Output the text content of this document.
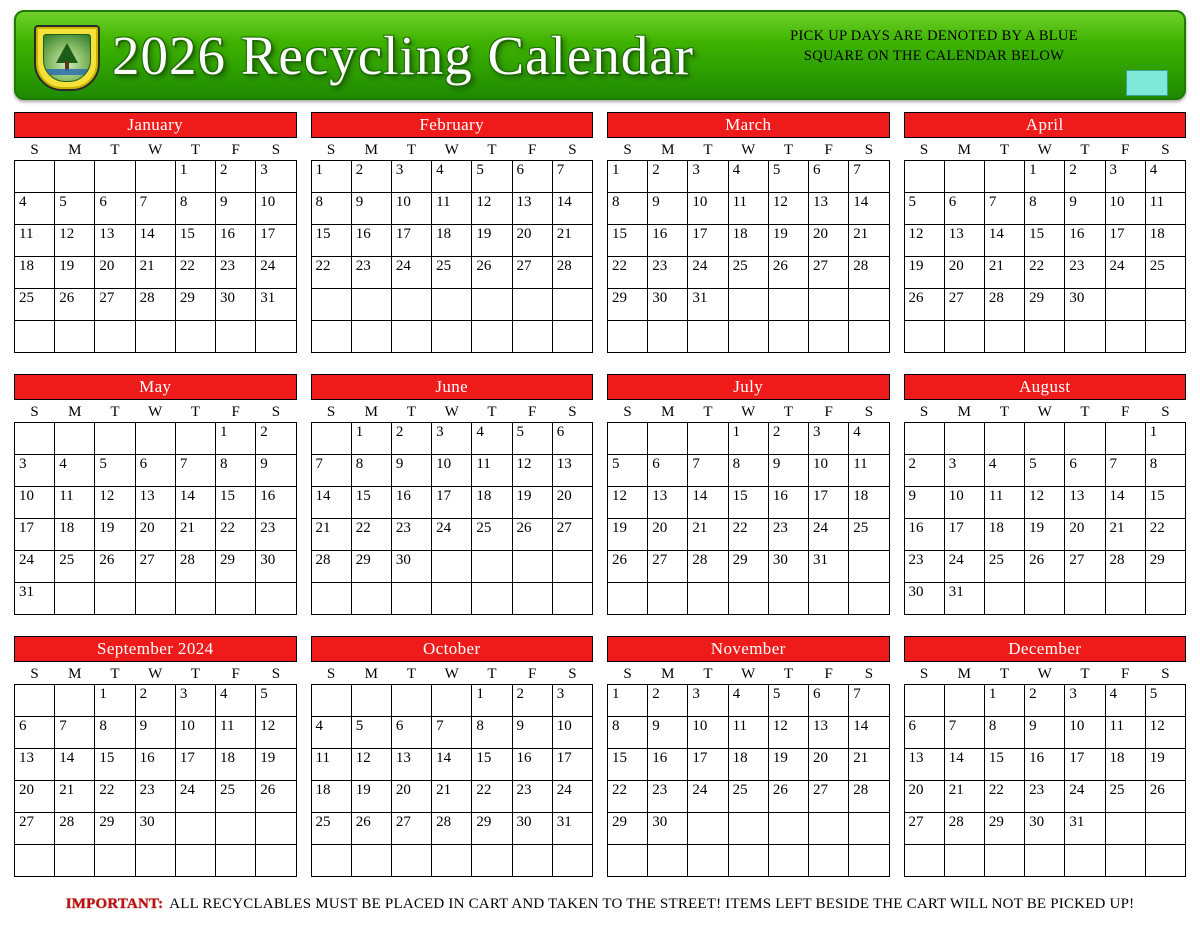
2026 Recycling Calendar	PICK UP DAYS ARE DENOTED BY A BLUE
SQUARE ON THE CALENDAR BELOW
January
S	M	T	W	T	F	S
				1	2	3
4	5	6	7	8	9	10
11	12	13	14	15	16	17
18	19	20	21	22	23	24
25	26	27	28	29	30	31

February
S	M	T	W	T	F	S
1	2	3	4	5	6	7
8	9	10	11	12	13	14
15	16	17	18	19	20	21
22	23	24	25	26	27	28

March
S	M	T	W	T	F	S
1	2	3	4	5	6	7
8	9	10	11	12	13	14
15	16	17	18	19	20	21
22	23	24	25	26	27	28
29	30	31				

April
S	M	T	W	T	F	S
			1	2	3	4
5	6	7	8	9	10	11
12	13	14	15	16	17	18
19	20	21	22	23	24	25
26	27	28	29	30		

May
S	M	T	W	T	F	S
					1	2
3	4	5	6	7	8	9
10	11	12	13	14	15	16
17	18	19	20	21	22	23
24	25	26	27	28	29	30
31						
June
S	M	T	W	T	F	S
	1	2	3	4	5	6
7	8	9	10	11	12	13
14	15	16	17	18	19	20
21	22	23	24	25	26	27
28	29	30				

July
S	M	T	W	T	F	S
			1	2	3	4
5	6	7	8	9	10	11
12	13	14	15	16	17	18
19	20	21	22	23	24	25
26	27	28	29	30	31	

August
S	M	T	W	T	F	S
						1
2	3	4	5	6	7	8
9	10	11	12	13	14	15
16	17	18	19	20	21	22
23	24	25	26	27	28	29
30	31					
September 2024
S	M	T	W	T	F	S
		1	2	3	4	5
6	7	8	9	10	11	12
13	14	15	16	17	18	19
20	21	22	23	24	25	26
27	28	29	30			

October
S	M	T	W	T	F	S
				1	2	3
4	5	6	7	8	9	10
11	12	13	14	15	16	17
18	19	20	21	22	23	24
25	26	27	28	29	30	31

November
S	M	T	W	T	F	S
1	2	3	4	5	6	7
8	9	10	11	12	13	14
15	16	17	18	19	20	21
22	23	24	25	26	27	28
29	30					

December
S	M	T	W	T	F	S
		1	2	3	4	5
6	7	8	9	10	11	12
13	14	15	16	17	18	19
20	21	22	23	24	25	26
27	28	29	30	31		

IMPORTANT: ALL RECYCLABLES MUST BE PLACED IN CART AND TAKEN TO THE STREET! ITEMS LEFT BESIDE THE CART WILL NOT BE PICKED UP!
